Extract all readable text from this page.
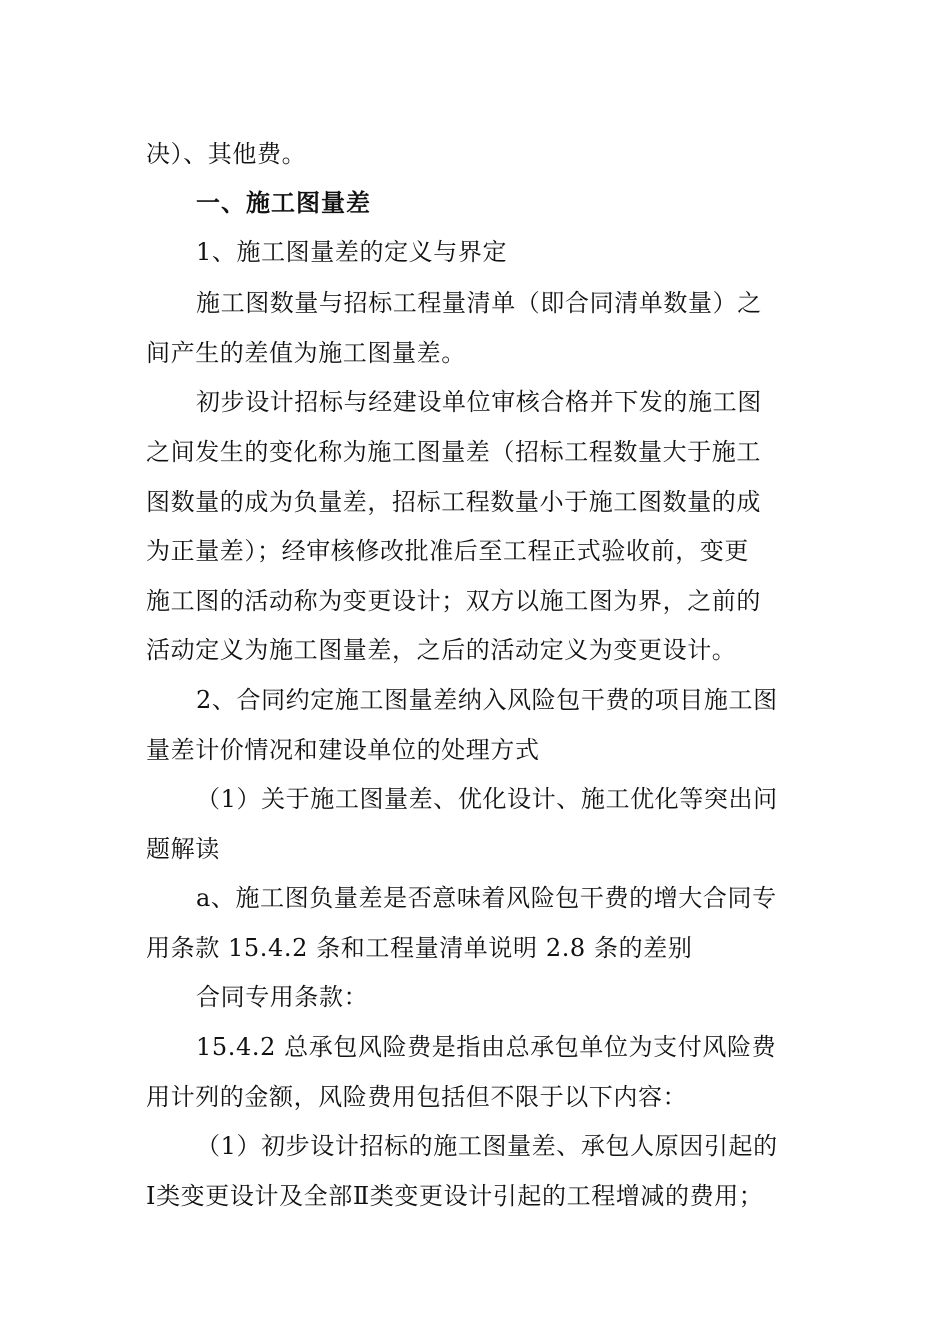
决）、其他费。
一、施工图量差
1、施工图量差的定义与界定
施工图数量与招标工程量清单（即合同清单数量）之
间产生的差值为施工图量差。
初步设计招标与经建设单位审核合格并下发的施工图
之间发生的变化称为施工图量差（招标工程数量大于施工
图数量的成为负量差，招标工程数量小于施工图数量的成
为正量差）；经审核修改批准后至工程正式验收前，变更
施工图的活动称为变更设计；双方以施工图为界，之前的
活动定义为施工图量差，之后的活动定义为变更设计。
2、合同约定施工图量差纳入风险包干费的项目施工图
量差计价情况和建设单位的处理方式
（1）关于施工图量差、优化设计、施工优化等突出问
题解读
a、施工图负量差是否意味着风险包干费的增大合同专
用条款 15.4.2 条和工程量清单说明 2.8 条的差别
合同专用条款：
15.4.2 总承包风险费是指由总承包单位为支付风险费
用计列的金额，风险费用包括但不限于以下内容：
（1）初步设计招标的施工图量差、承包人原因引起的
Ⅰ类变更设计及全部Ⅱ类变更设计引起的工程增减的费用；
